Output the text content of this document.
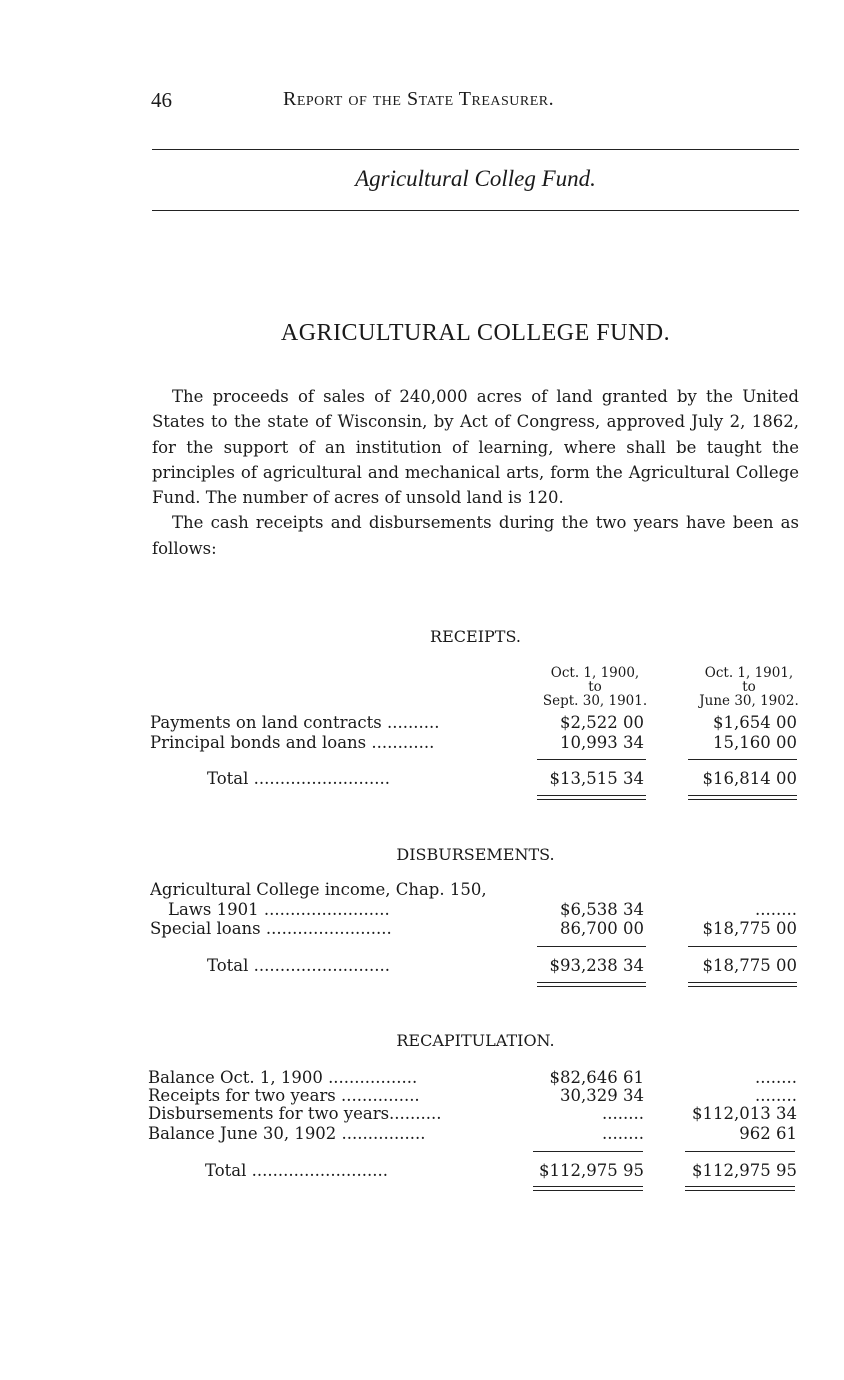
46	Report of the State Treasurer.
Agricultural Colleg Fund.
AGRICULTURAL COLLEGE FUND.

The proceeds of sales of 240,000 acres of land granted by the United States to the state of Wisconsin, by Act of Congress, approved July 2, 1862, for the support of an institution of learning, where shall be taught the principles of agricultural and mechanical arts, form the Agricultural College Fund. The number of acres of unsold land is 120.

The cash receipts and disbursements during the two years have been as follows:

RECEIPTS.
Oct. 1, 1900,
to
Sept. 30, 1901.
Oct. 1, 1901,
to
June 30, 1902.
Payments on land contracts ..........	$2,522 00	$1,654 00
Principal bonds and loans ............	10,993 34	15,160 00
Total ..........................	$13,515 34	$16,814 00
DISBURSEMENTS.
Agricultural College income, Chap. 150,
Laws 1901 ........................	$6,538 34	........
Special loans ........................	86,700 00	$18,775 00
Total ..........................	$93,238 34	$18,775 00
RECAPITULATION.
Balance Oct. 1, 1900 .................	$82,646 61	........
Receipts for two years ...............	30,329 34	........
Disbursements for two years..........	........	$112,013 34
Balance June 30, 1902 ................	........	962 61
Total ..........................	$112,975 95	$112,975 95
